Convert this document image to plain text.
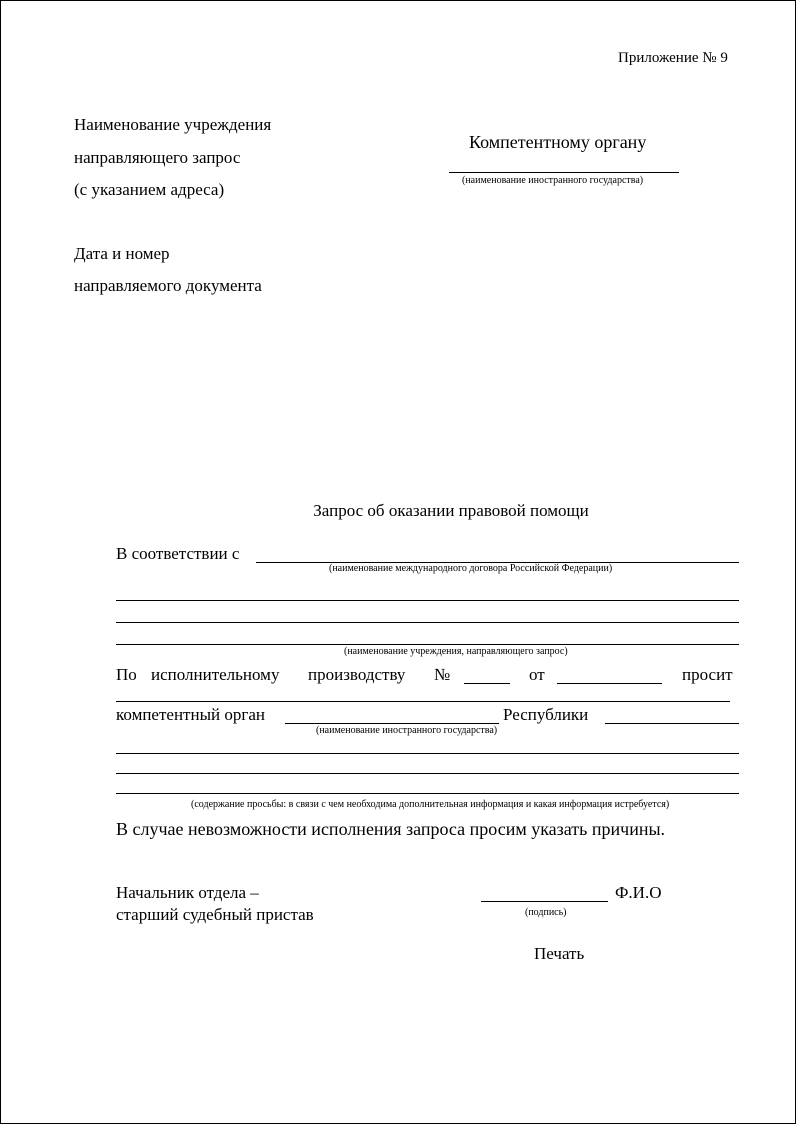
Приложение № 9
Наименование учреждения
направляющего запрос
(с указанием адреса)
Дата и номер
направляемого документа
Компетентному органу
(наименование иностранного государства)
Запрос об оказании правовой помощи
В соответствии с
(наименование международного договора Российской Федерации)
(наименование учреждения, направляющего запрос)
По исполнительному производству №	от	просит
компетентный орган	Республики
(наименование иностранного государства)
(содержание просьбы: в связи с чем необходима дополнительная информация и какая информация истребуется)
В случае невозможности исполнения запроса просим указать причины.
Начальник отдела –
старший судебный пристав
Ф.И.О
(подпись)
Печать
